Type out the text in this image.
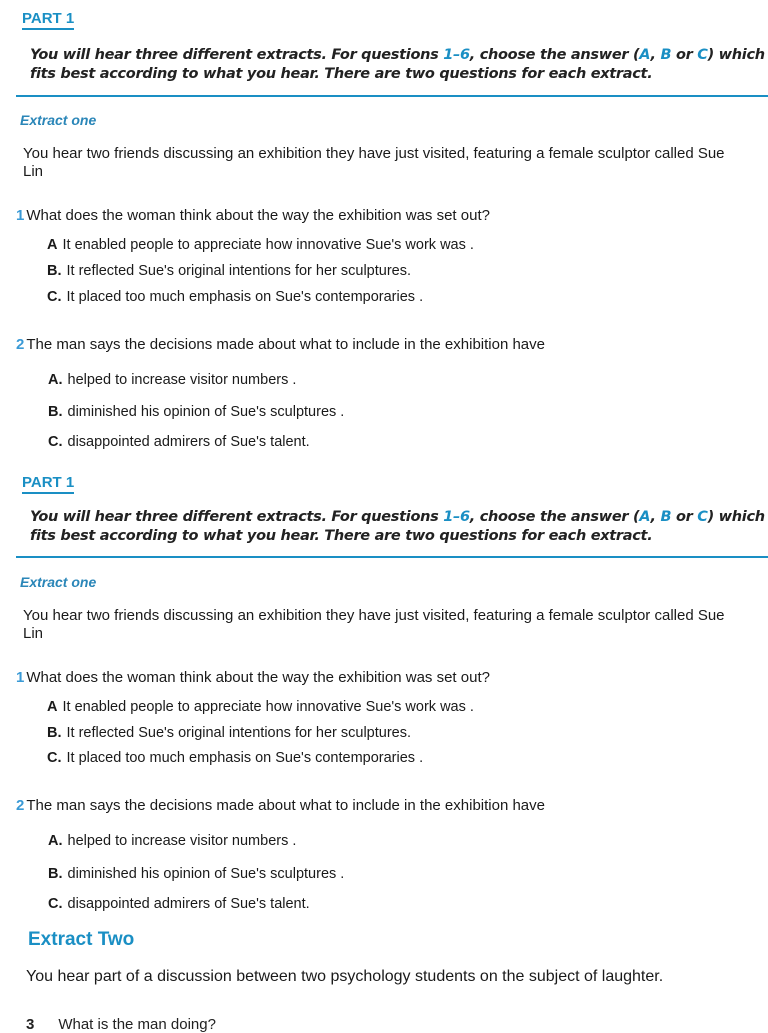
PART 1
You will hear three different extracts. For questions 1–6, choose the answer (A, B or C) which
fits best according to what you hear. There are two questions for each extract.
Extract one
You hear two friends discussing an exhibition they have just visited, featuring a female sculptor called Sue Lin
1 What does the woman think about the way the exhibition was set out?
A It enabled people to appreciate how innovative Sue's work was .
B. It reflected Sue's original intentions for her sculptures.
C. It placed too much emphasis on Sue's contemporaries .
2 The man says the decisions made about what to include in the exhibition have
A. helped to increase visitor numbers .
B. diminished his opinion of Sue's sculptures .
C. disappointed admirers of Sue's talent.
PART 1
You will hear three different extracts. For questions 1–6, choose the answer (A, B or C) which
fits best according to what you hear. There are two questions for each extract.
Extract one
You hear two friends discussing an exhibition they have just visited, featuring a female sculptor called Sue Lin
1 What does the woman think about the way the exhibition was set out?
A It enabled people to appreciate how innovative Sue's work was .
B. It reflected Sue's original intentions for her sculptures.
C. It placed too much emphasis on Sue's contemporaries .
2 The man says the decisions made about what to include in the exhibition have
A. helped to increase visitor numbers .
B. diminished his opinion of Sue's sculptures .
C. disappointed admirers of Sue's talent.
Extract Two
You hear part of a discussion between two psychology students on the subject of laughter.
3 What is the man doing?
